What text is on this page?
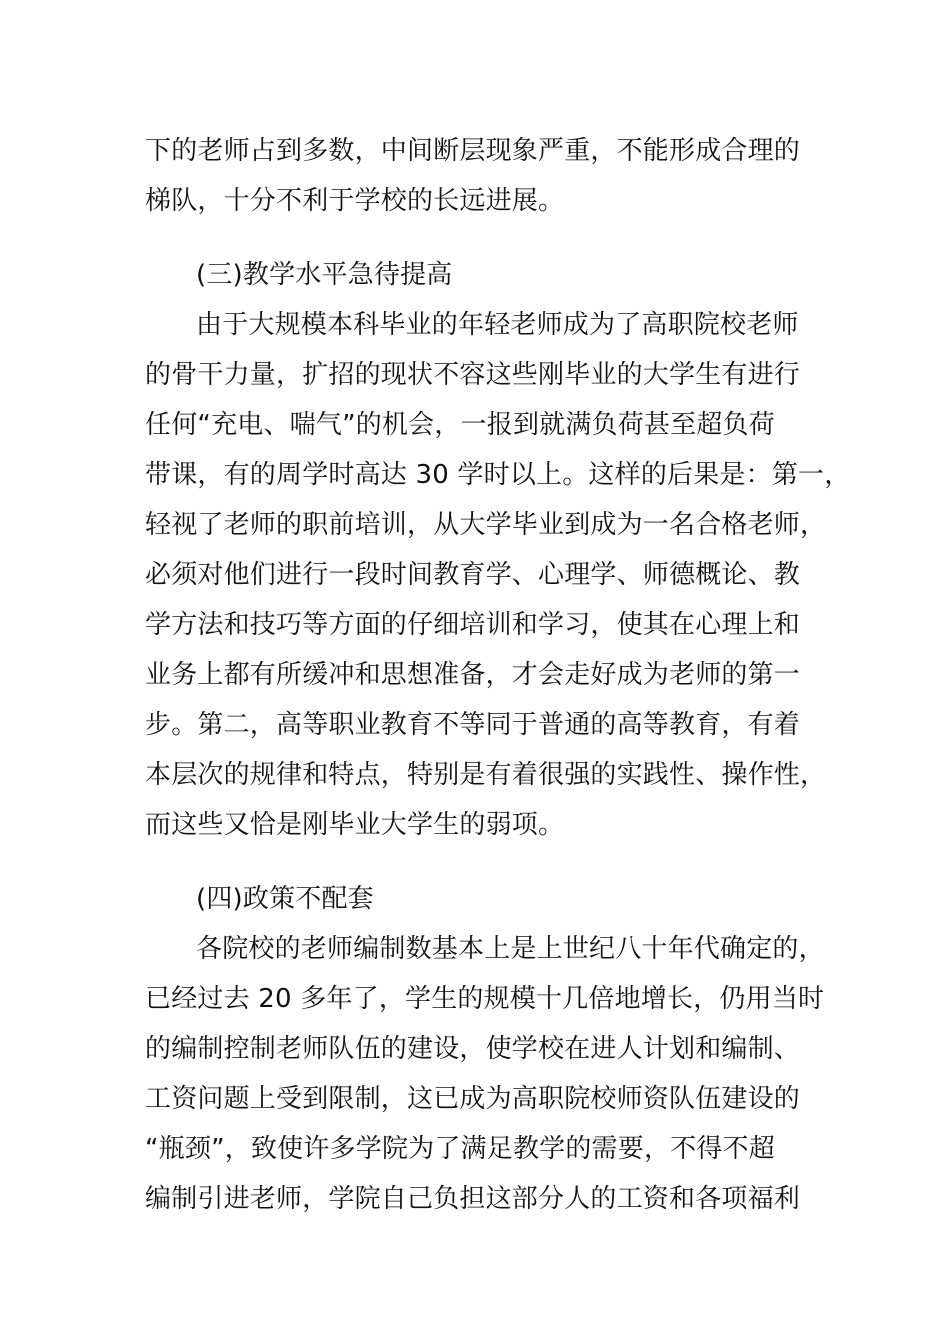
下的老师占到多数，中间断层现象严重，不能形成合理的
梯队，十分不利于学校的长远进展。
(三)教学水平急待提高
由于大规模本科毕业的年轻老师成为了高职院校老师
的骨干力量，扩招的现状不容这些刚毕业的大学生有进行
任何“充电、喘气”的机会，一报到就满负荷甚至超负荷
带课，有的周学时高达 30 学时以上。这样的后果是：第一，
轻视了老师的职前培训，从大学毕业到成为一名合格老师，
必须对他们进行一段时间教育学、心理学、师德概论、教
学方法和技巧等方面的仔细培训和学习，使其在心理上和
业务上都有所缓冲和思想准备，才会走好成为老师的第一
步。第二，高等职业教育不等同于普通的高等教育，有着
本层次的规律和特点，特别是有着很强的实践性、操作性，
而这些又恰是刚毕业大学生的弱项。
(四)政策不配套
各院校的老师编制数基本上是上世纪八十年代确定的，
已经过去 20 多年了，学生的规模十几倍地增长，仍用当时
的编制控制老师队伍的建设，使学校在进人计划和编制、
工资问题上受到限制，这已成为高职院校师资队伍建设的
“瓶颈”，致使许多学院为了满足教学的需要，不得不超
编制引进老师，学院自己负担这部分人的工资和各项福利
